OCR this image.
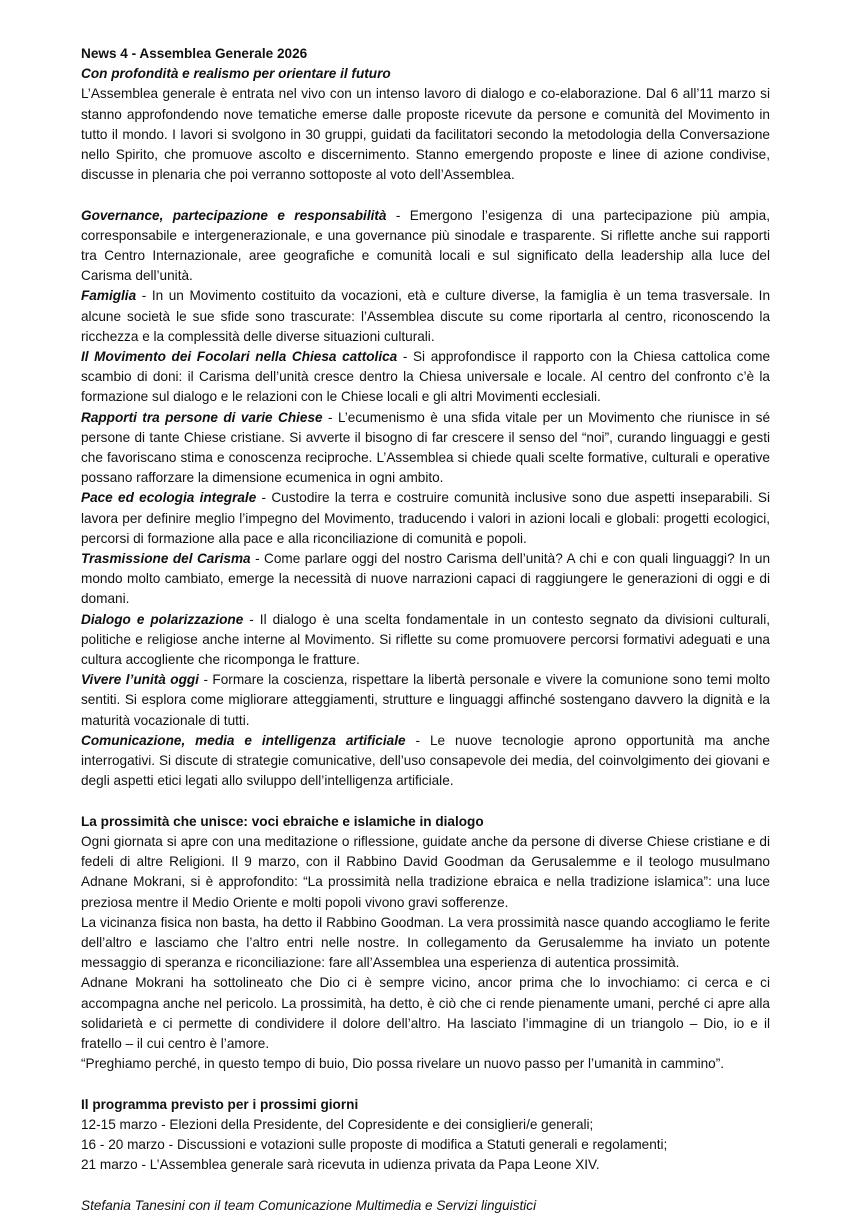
News 4 - Assemblea Generale 2026

Con profondità e realismo per orientare il futuro

L’Assemblea generale è entrata nel vivo con un intenso lavoro di dialogo e co-elaborazione. Dal 6 all’11 marzo si stanno approfondendo nove tematiche emerse dalle proposte ricevute da persone e comunità del Movimento in tutto il mondo. I lavori si svolgono in 30 gruppi, guidati da facilitatori secondo la metodologia della Conversazione nello Spirito, che promuove ascolto e discernimento. Stanno emergendo proposte e linee di azione condivise, discusse in plenaria che poi verranno sottoposte al voto dell’Assemblea.

Governance, partecipazione e responsabilità - Emergono l’esigenza di una partecipazione più ampia, corresponsabile e intergenerazionale, e una governance più sinodale e trasparente. Si riflette anche sui rapporti tra Centro Internazionale, aree geografiche e comunità locali e sul significato della leadership alla luce del Carisma dell’unità.

Famiglia - In un Movimento costituito da vocazioni, età e culture diverse, la famiglia è un tema trasversale. In alcune società le sue sfide sono trascurate: l’Assemblea discute su come riportarla al centro, riconoscendo la ricchezza e la complessità delle diverse situazioni culturali.

Il Movimento dei Focolari nella Chiesa cattolica - Si approfondisce il rapporto con la Chiesa cattolica come scambio di doni: il Carisma dell’unità cresce dentro la Chiesa universale e locale. Al centro del confronto c’è la formazione sul dialogo e le relazioni con le Chiese locali e gli altri Movimenti ecclesiali.

Rapporti tra persone di varie Chiese - L’ecumenismo è una sfida vitale per un Movimento che riunisce in sé persone di tante Chiese cristiane. Si avverte il bisogno di far crescere il senso del “noi”, curando linguaggi e gesti che favoriscano stima e conoscenza reciproche. L’Assemblea si chiede quali scelte formative, culturali e operative possano rafforzare la dimensione ecumenica in ogni ambito.

Pace ed ecologia integrale - Custodire la terra e costruire comunità inclusive sono due aspetti inseparabili. Si lavora per definire meglio l’impegno del Movimento, traducendo i valori in azioni locali e globali: progetti ecologici, percorsi di formazione alla pace e alla riconciliazione di comunità e popoli.

Trasmissione del Carisma - Come parlare oggi del nostro Carisma dell’unità? A chi e con quali linguaggi? In un mondo molto cambiato, emerge la necessità di nuove narrazioni capaci di raggiungere le generazioni di oggi e di domani.

Dialogo e polarizzazione - Il dialogo è una scelta fondamentale in un contesto segnato da divisioni culturali, politiche e religiose anche interne al Movimento. Si riflette su come promuovere percorsi formativi adeguati e una cultura accogliente che ricomponga le fratture.

Vivere l’unità oggi - Formare la coscienza, rispettare la libertà personale e vivere la comunione sono temi molto sentiti. Si esplora come migliorare atteggiamenti, strutture e linguaggi affinché sostengano davvero la dignità e la maturità vocazionale di tutti.

Comunicazione, media e intelligenza artificiale - Le nuove tecnologie aprono opportunità ma anche interrogativi. Si discute di strategie comunicative, dell’uso consapevole dei media, del coinvolgimento dei giovani e degli aspetti etici legati allo sviluppo dell’intelligenza artificiale.

La prossimità che unisce: voci ebraiche e islamiche in dialogo

Ogni giornata si apre con una meditazione o riflessione, guidate anche da persone di diverse Chiese cristiane e di fedeli di altre Religioni. Il 9 marzo, con il Rabbino David Goodman da Gerusalemme e il teologo musulmano Adnane Mokrani, si è approfondito: “La prossimità nella tradizione ebraica e nella tradizione islamica”: una luce preziosa mentre il Medio Oriente e molti popoli vivono gravi sofferenze.

La vicinanza fisica non basta, ha detto il Rabbino Goodman. La vera prossimità nasce quando accogliamo le ferite dell’altro e lasciamo che l’altro entri nelle nostre. In collegamento da Gerusalemme ha inviato un potente messaggio di speranza e riconciliazione: fare all’Assemblea una esperienza di autentica prossimità.

Adnane Mokrani ha sottolineato che Dio ci è sempre vicino, ancor prima che lo invochiamo: ci cerca e ci accompagna anche nel pericolo. La prossimità, ha detto, è ciò che ci rende pienamente umani, perché ci apre alla solidarietà e ci permette di condividere il dolore dell’altro. Ha lasciato l’immagine di un triangolo – Dio, io e il fratello – il cui centro è l’amore.

“Preghiamo perché, in questo tempo di buio, Dio possa rivelare un nuovo passo per l’umanità in cammino”.

Il programma previsto per i prossimi giorni

12-15 marzo - Elezioni della Presidente, del Copresidente e dei consiglieri/e generali;

16 - 20 marzo - Discussioni e votazioni sulle proposte di modifica a Statuti generali e regolamenti;

21 marzo - L’Assemblea generale sarà ricevuta in udienza privata da Papa Leone XIV.

Stefania Tanesini con il team Comunicazione Multimedia e Servizi linguistici
